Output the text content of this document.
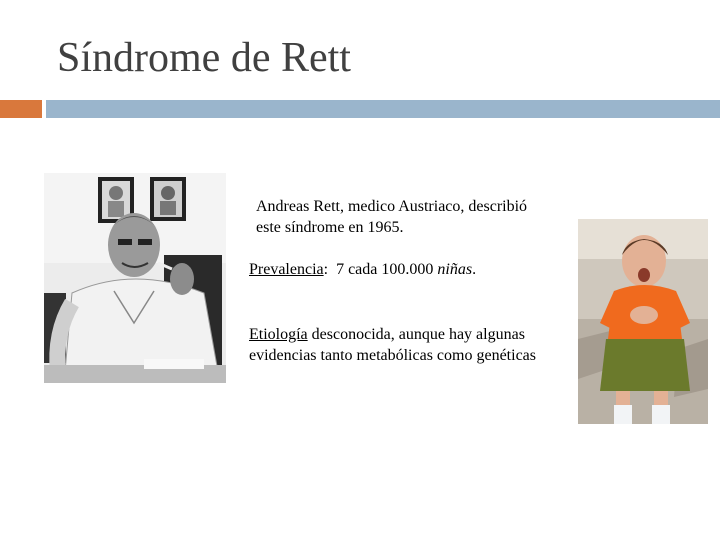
Síndrome de Rett
Andreas Rett, medico Austriaco, describió
este síndrome en 1965.
Prevalencia:  7 cada 100.000 niñas.
Etiología desconocida, aunque hay algunas
evidencias tanto metabólicas como genéticas
